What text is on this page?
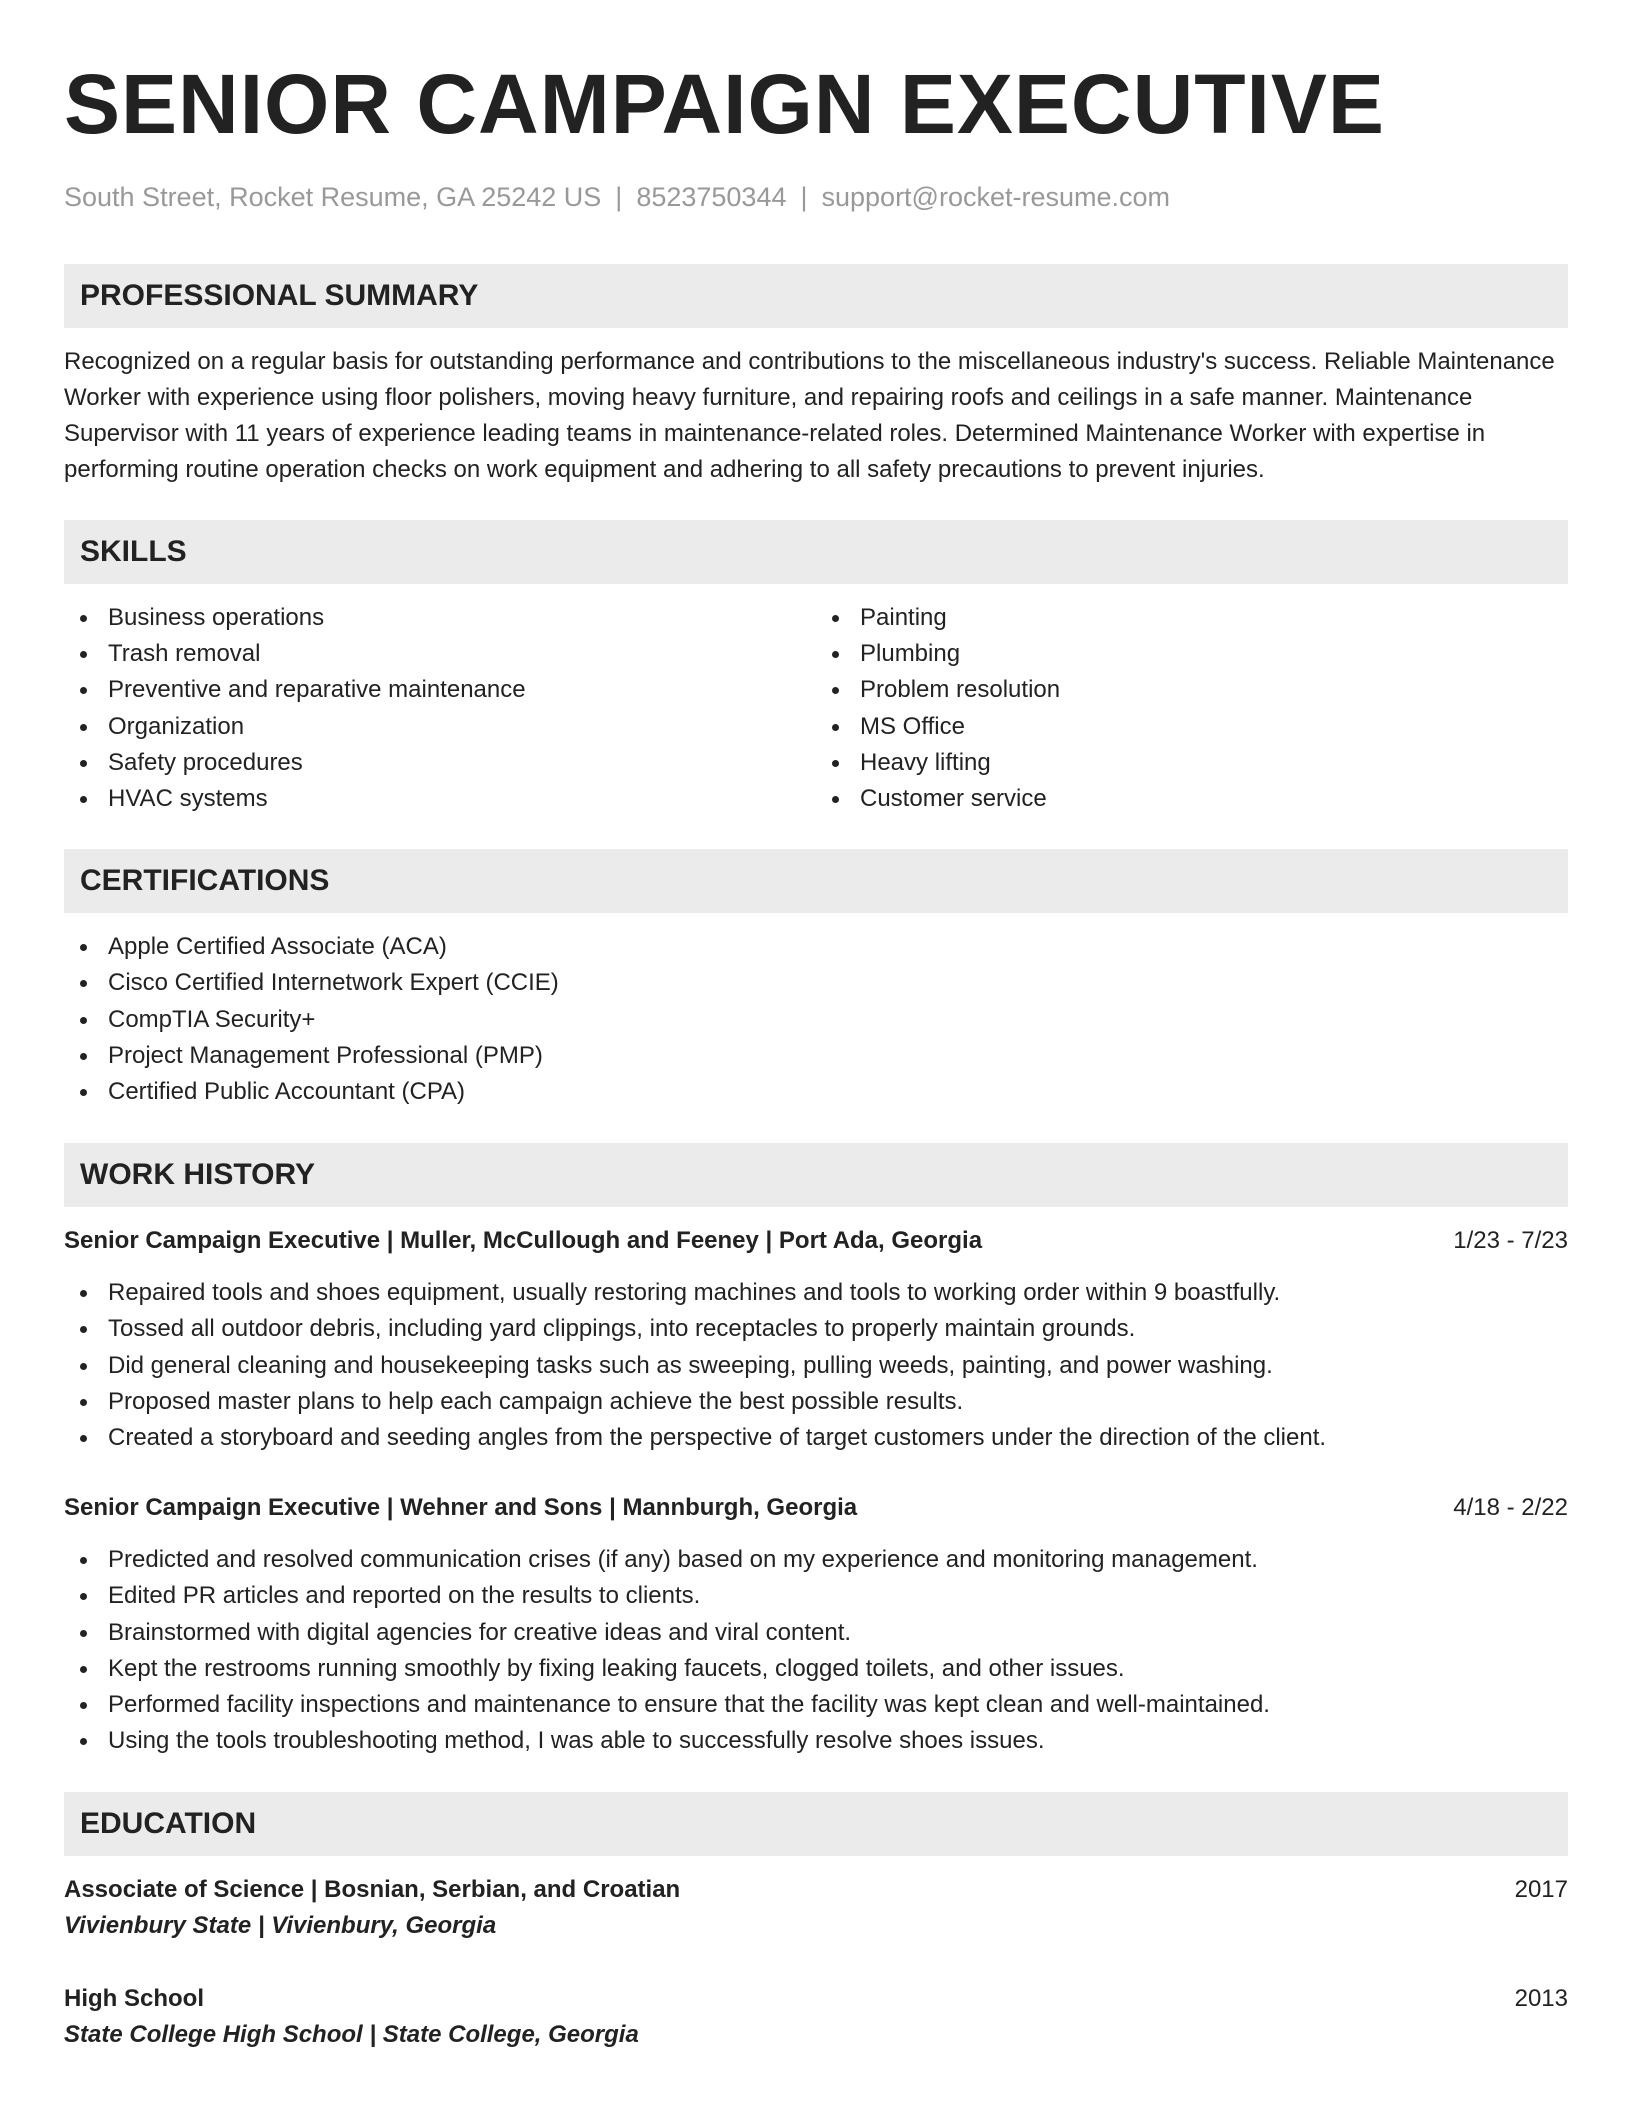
SENIOR CAMPAIGN EXECUTIVE
South Street, Rocket Resume, GA 25242 US | 8523750344 | support@rocket-resume.com
PROFESSIONAL SUMMARY
Recognized on a regular basis for outstanding performance and contributions to the miscellaneous industry's success. Reliable Maintenance Worker with experience using floor polishers, moving heavy furniture, and repairing roofs and ceilings in a safe manner. Maintenance Supervisor with 11 years of experience leading teams in maintenance-related roles. Determined Maintenance Worker with expertise in performing routine operation checks on work equipment and adhering to all safety precautions to prevent injuries.
SKILLS
Business operations
Trash removal
Preventive and reparative maintenance
Organization
Safety procedures
HVAC systems
Painting
Plumbing
Problem resolution
MS Office
Heavy lifting
Customer service
CERTIFICATIONS
Apple Certified Associate (ACA)
Cisco Certified Internetwork Expert (CCIE)
CompTIA Security+
Project Management Professional (PMP)
Certified Public Accountant (CPA)
WORK HISTORY
Senior Campaign Executive | Muller, McCullough and Feeney | Port Ada, Georgia	1/23 - 7/23
Repaired tools and shoes equipment, usually restoring machines and tools to working order within 9 boastfully.
Tossed all outdoor debris, including yard clippings, into receptacles to properly maintain grounds.
Did general cleaning and housekeeping tasks such as sweeping, pulling weeds, painting, and power washing.
Proposed master plans to help each campaign achieve the best possible results.
Created a storyboard and seeding angles from the perspective of target customers under the direction of the client.
Senior Campaign Executive | Wehner and Sons | Mannburgh, Georgia	4/18 - 2/22
Predicted and resolved communication crises (if any) based on my experience and monitoring management.
Edited PR articles and reported on the results to clients.
Brainstormed with digital agencies for creative ideas and viral content.
Kept the restrooms running smoothly by fixing leaking faucets, clogged toilets, and other issues.
Performed facility inspections and maintenance to ensure that the facility was kept clean and well-maintained.
Using the tools troubleshooting method, I was able to successfully resolve shoes issues.
EDUCATION
Associate of Science | Bosnian, Serbian, and Croatian	2017
Vivienbury State | Vivienbury, Georgia
High School	2013
State College High School | State College, Georgia
